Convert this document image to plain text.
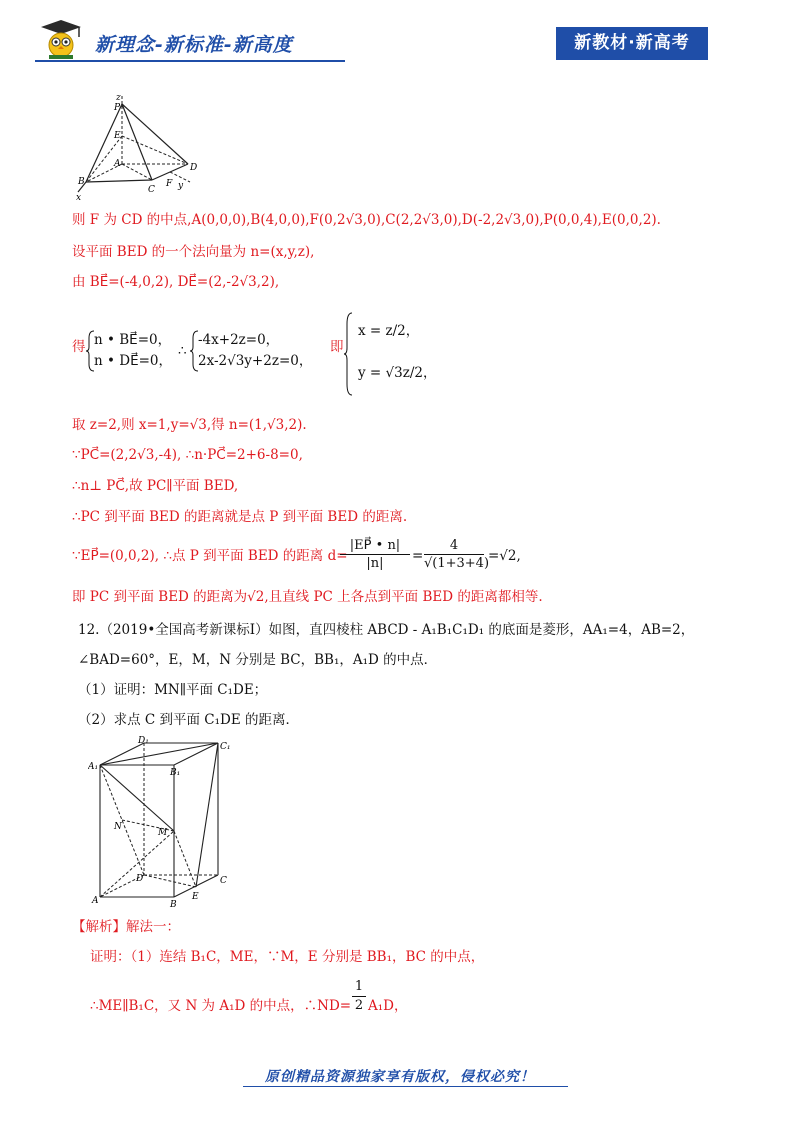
新理念-新标准-新高度	新教材·新高考
z
P
E
A	D
B
C
F y
x
则 F 为 CD 的中点,A(0,0,0),B(4,0,0),F(0,2√3,0),C(2,2√3,0),D(-2,2√3,0),P(0,0,4),E(0,0,2).
设平面 BED 的一个法向量为 n=(x,y,z),
由 BE⃗=(-4,0,2), DE⃗=(2,-2√3,2),
得 n • BE⃗=0，
n • DE⃗=0，
∴
-4x+2z=0，
2x-2√3y+2z=0，
即
x = z/2，
y = √3z/2，
取 z=2,则 x=1,y=√3,得 n=(1,√3,2).
∵PC⃗=(2,2√3,-4), ∴n·PC⃗=2+6-8=0,
∴n⊥ PC⃗,故 PC∥平面 BED,
∴PC 到平面 BED 的距离就是点 P 到平面 BED 的距离.
∵EP⃗=(0,0,2), ∴点 P 到平面 BED 的距离 d=
$\frac{|EP⃗ • n|}{|n|} = \frac{4}{√(1+3+4)} =√2$,
即 PC 到平面 BED 的距离为√2,且直线 PC 上各点到平面 BED 的距离都相等.
12.（2019•全国高考新课标Ⅰ）如图，直四棱柱 ABCD - A₁B₁C₁D₁ 的底面是菱形，AA₁=4，AB=2，
∠BAD=60°，E，M，N 分别是 BC，BB₁，A₁D 的中点．
（1）证明：MN∥平面 C₁DE；
（2）求点 C 到平面 C₁DE 的距离．
D₁
C₁
A₁
B₁
N
M
D	C
A	B
E
【解析】解法一：
证明：（1）连结 B₁C，ME，∵M，E 分别是 BB₁，BC 的中点，
∴ME∥B₁C，又 N 为 A₁D 的中点，∴ND= $\frac{1}{2} A_1D$，
原创精品资源独家享有版权，侵权必究！
